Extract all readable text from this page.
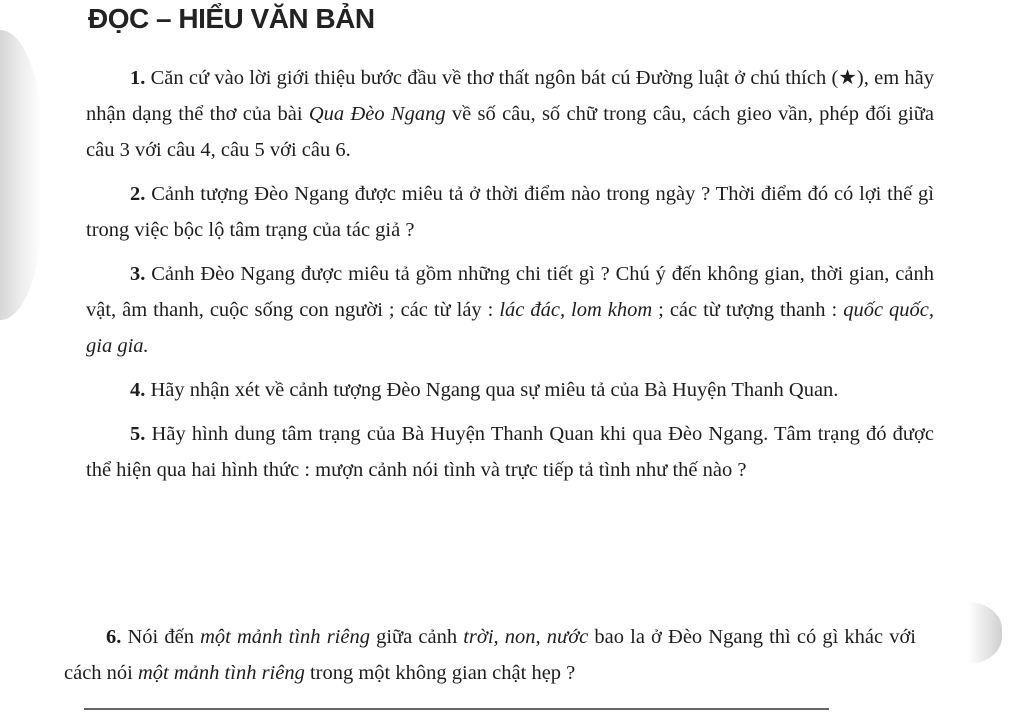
ĐỌC – HIỂU VĂN BẢN

1. Căn cứ vào lời giới thiệu bước đầu về thơ thất ngôn bát cú Đường luật ở chú thích (★), em hãy nhận dạng thể thơ của bài Qua Đèo Ngang về số câu, số chữ trong câu, cách gieo vần, phép đối giữa câu 3 với câu 4, câu 5 với câu 6.

2. Cảnh tượng Đèo Ngang được miêu tả ở thời điểm nào trong ngày ? Thời điểm đó có lợi thế gì trong việc bộc lộ tâm trạng của tác giả ?

3. Cảnh Đèo Ngang được miêu tả gồm những chi tiết gì ? Chú ý đến không gian, thời gian, cảnh vật, âm thanh, cuộc sống con người ; các từ láy : lác đác, lom khom ; các từ tượng thanh : quốc quốc, gia gia.

4. Hãy nhận xét về cảnh tượng Đèo Ngang qua sự miêu tả của Bà Huyện Thanh Quan.

5. Hãy hình dung tâm trạng của Bà Huyện Thanh Quan khi qua Đèo Ngang. Tâm trạng đó được thể hiện qua hai hình thức : mượn cảnh nói tình và trực tiếp tả tình như thế nào ?

6. Nói đến một mảnh tình riêng giữa cảnh trời, non, nước bao la ở Đèo Ngang thì có gì khác với cách nói một mảnh tình riêng trong một không gian chật hẹp ?
